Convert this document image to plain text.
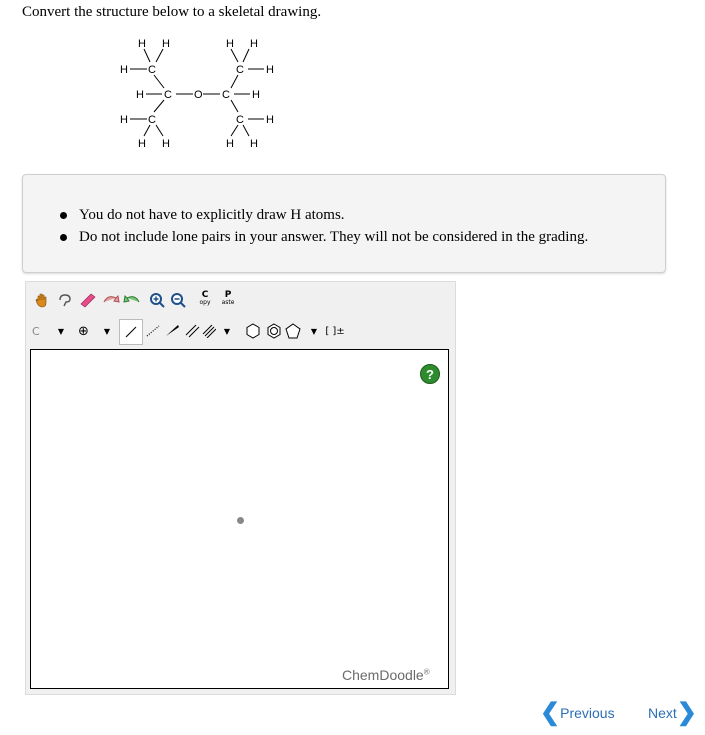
Convert the structure below to a skeletal drawing.
H H
H C
H C O
H C
H H
H H
C H
C H
C H
H H
You do not have to explicitly draw H atoms.
Do not include lone pairs in your answer. They will not be considered in the grading.
C
opy
P
aste
C ▼ ⊕ ▼	▼	▼ [ ]±
?
ChemDoodle®
❮ Previous Next ❯
